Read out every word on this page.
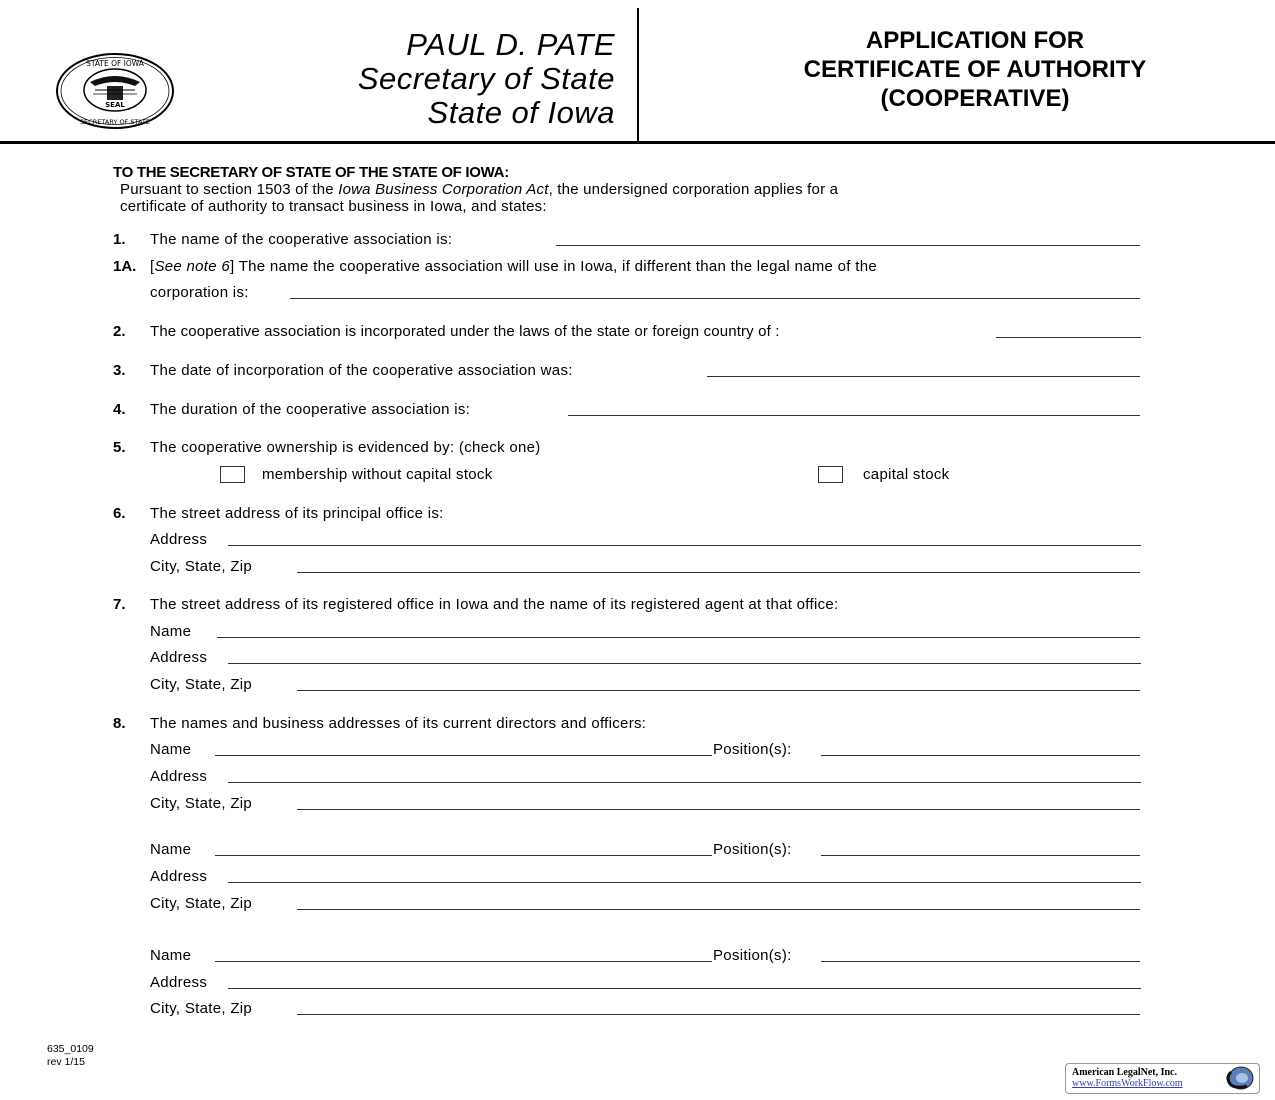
SEAL
STATE OF IOWA
SECRETARY OF STATE
PAUL D. PATE
Secretary of State
State of Iowa
APPLICATION FOR
CERTIFICATE OF AUTHORITY
(COOPERATIVE)
TO THE SECRETARY OF STATE OF THE STATE OF IOWA:
Pursuant to section 1503 of the Iowa Business Corporation Act, the undersigned corporation applies for a
certificate of authority to transact business in Iowa, and states:
1. The name of the cooperative association is:
1A. [See note 6] The name the cooperative association will use in Iowa, if different than the legal name of the
corporation is:
2. The cooperative association is incorporated under the laws of the state or foreign country of :
3. The date of incorporation of the cooperative association was:
4. The duration of the cooperative association is:
5. The cooperative ownership is evidenced by: (check one)
membership without capital stock	capital stock
6. The street address of its principal office is:
Address
City, State, Zip
7. The street address of its registered office in Iowa and the name of its registered agent at that office:
Name
Address
City, State, Zip
8. The names and business addresses of its current directors and officers:
Name	Position(s):
Address
City, State, Zip
Name	Position(s):
Address
City, State, Zip
Name	Position(s):
Address
City, State, Zip
635_0109
rev 1/15
American LegalNet, Inc.
www.FormsWorkFlow.com
